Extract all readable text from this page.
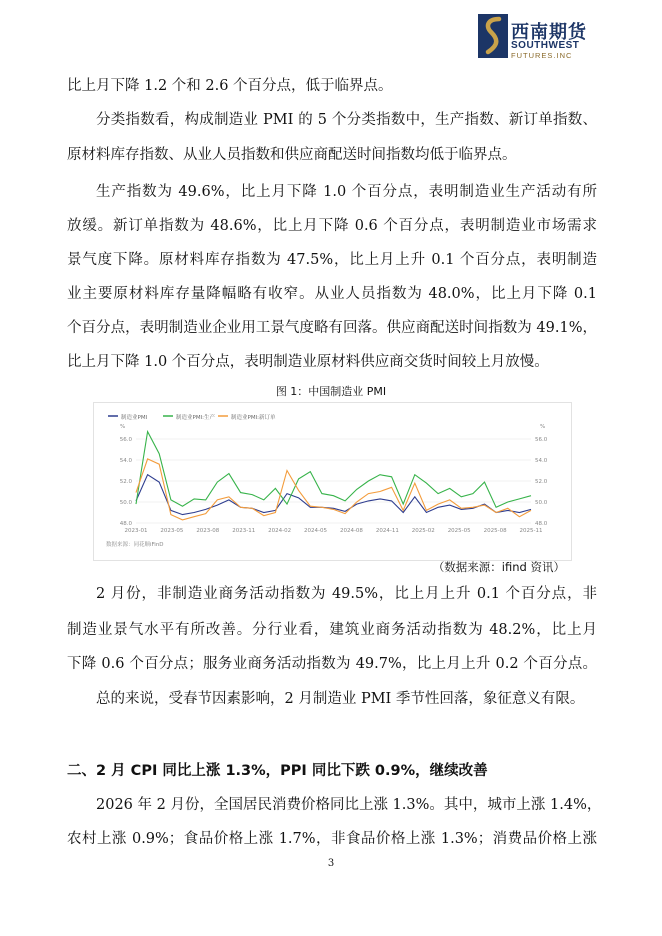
西南期货
SOUTHWEST
FUTURES.INC
比上月下降 1.2 个和 2.6 个百分点，低于临界点。
分类指数看，构成制造业 PMI 的 5 个分类指数中，生产指数、新订单指数、
原材料库存指数、从业人员指数和供应商配送时间指数均低于临界点。
生产指数为 49.6%，比上月下降 1.0 个百分点，表明制造业生产活动有所
放缓。新订单指数为 48.6%，比上月下降 0.6 个百分点，表明制造业市场需求
景气度下降。原材料库存指数为 47.5%，比上月上升 0.1 个百分点，表明制造
业主要原材料库存量降幅略有收窄。从业人员指数为 48.0%，比上月下降 0.1
个百分点，表明制造业企业用工景气度略有回落。供应商配送时间指数为 49.1%，
比上月下降 1.0 个百分点，表明制造业原材料供应商交货时间较上月放慢。
图 1：中国制造业 PMI
制造业PMI	制造业PMI:生产	制造业PMI:新订单
%	%
56.0	56.0
54.0	54.0
52.0	52.0
50.0	50.0
48.0	48.0
2023-01 2023-05 2023-08 2023-11 2024-02 2024-05 2024-08 2024-11 2025-02 2025-05 2025-08 2025-11
数据来源：同花顺iFinD
（数据来源：ifind 资讯）
2 月份，非制造业商务活动指数为 49.5%，比上月上升 0.1 个百分点，非
制造业景气水平有所改善。分行业看，建筑业商务活动指数为 48.2%，比上月
下降 0.6 个百分点；服务业商务活动指数为 49.7%，比上月上升 0.2 个百分点。
总的来说，受春节因素影响，2 月制造业 PMI 季节性回落，象征意义有限。
二、2 月 CPI 同比上涨 1.3%，PPI 同比下跌 0.9%，继续改善
2026 年 2 月份，全国居民消费价格同比上涨 1.3%。其中，城市上涨 1.4%，
农村上涨 0.9%；食品价格上涨 1.7%，非食品价格上涨 1.3%；消费品价格上涨
3
